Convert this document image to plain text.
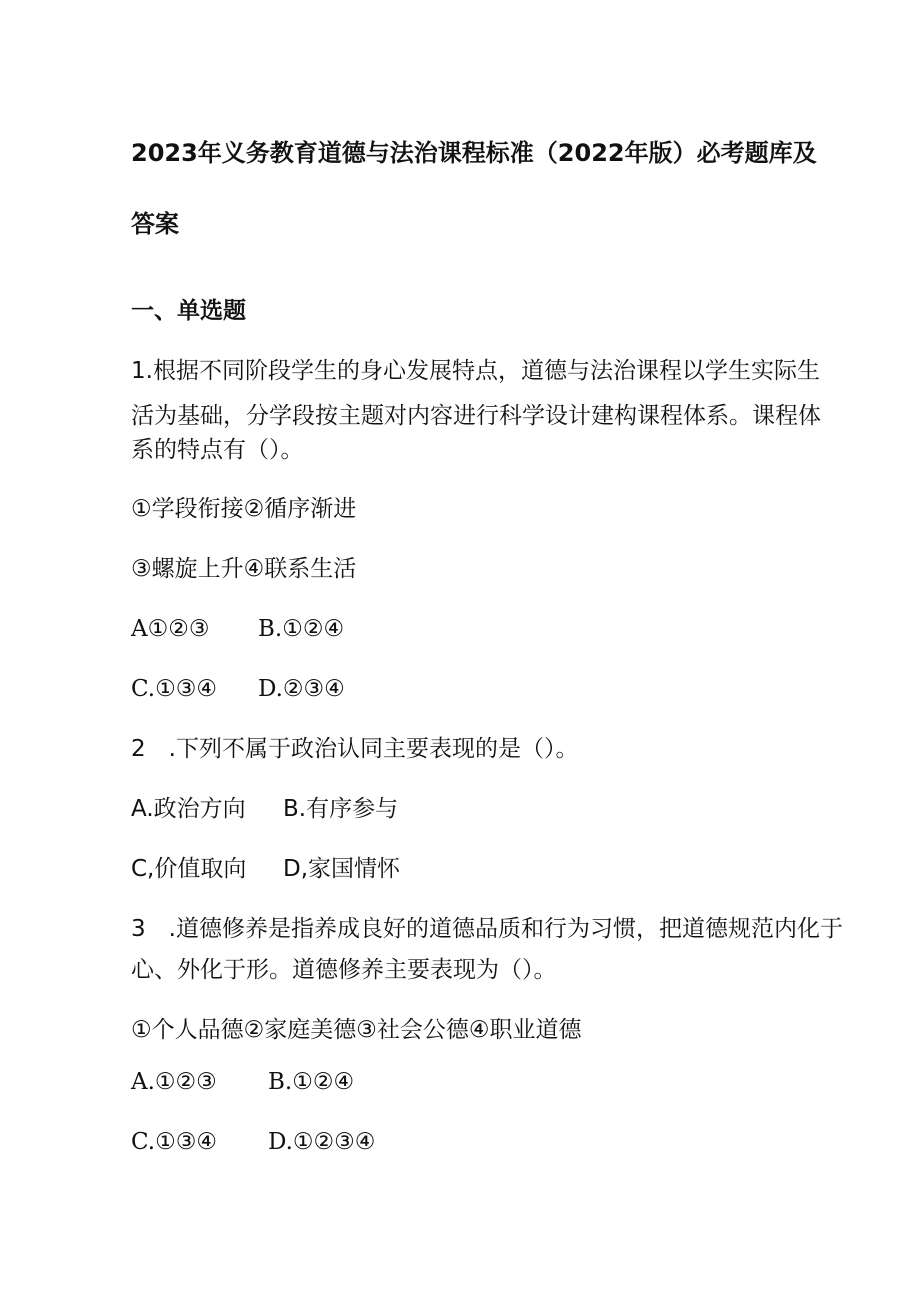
2023年义务教育道德与法治课程标准（2022年版）必考题库及
答案
一、单选题
1.根据不同阶段学生的身心发展特点，道德与法治课程以学生实际生
活为基础，分学段按主题对内容进行科学设计建构课程体系。课程体
系的特点有（）。
①学段衔接②循序渐进
③螺旋上升④联系生活
A①②③ B.①②④
C.①③④ D.②③④
2　.下列不属于政治认同主要表现的是（）。
A.政治方向 B.有序参与
C,价值取向 D,家国情怀
3　.道德修养是指养成良好的道德品质和行为习惯，把道德规范内化于
心、外化于形。道德修养主要表现为（）。
①个人品德②家庭美德③社会公德④职业道德
A.①②③ B.①②④
C.①③④ D.①②③④
